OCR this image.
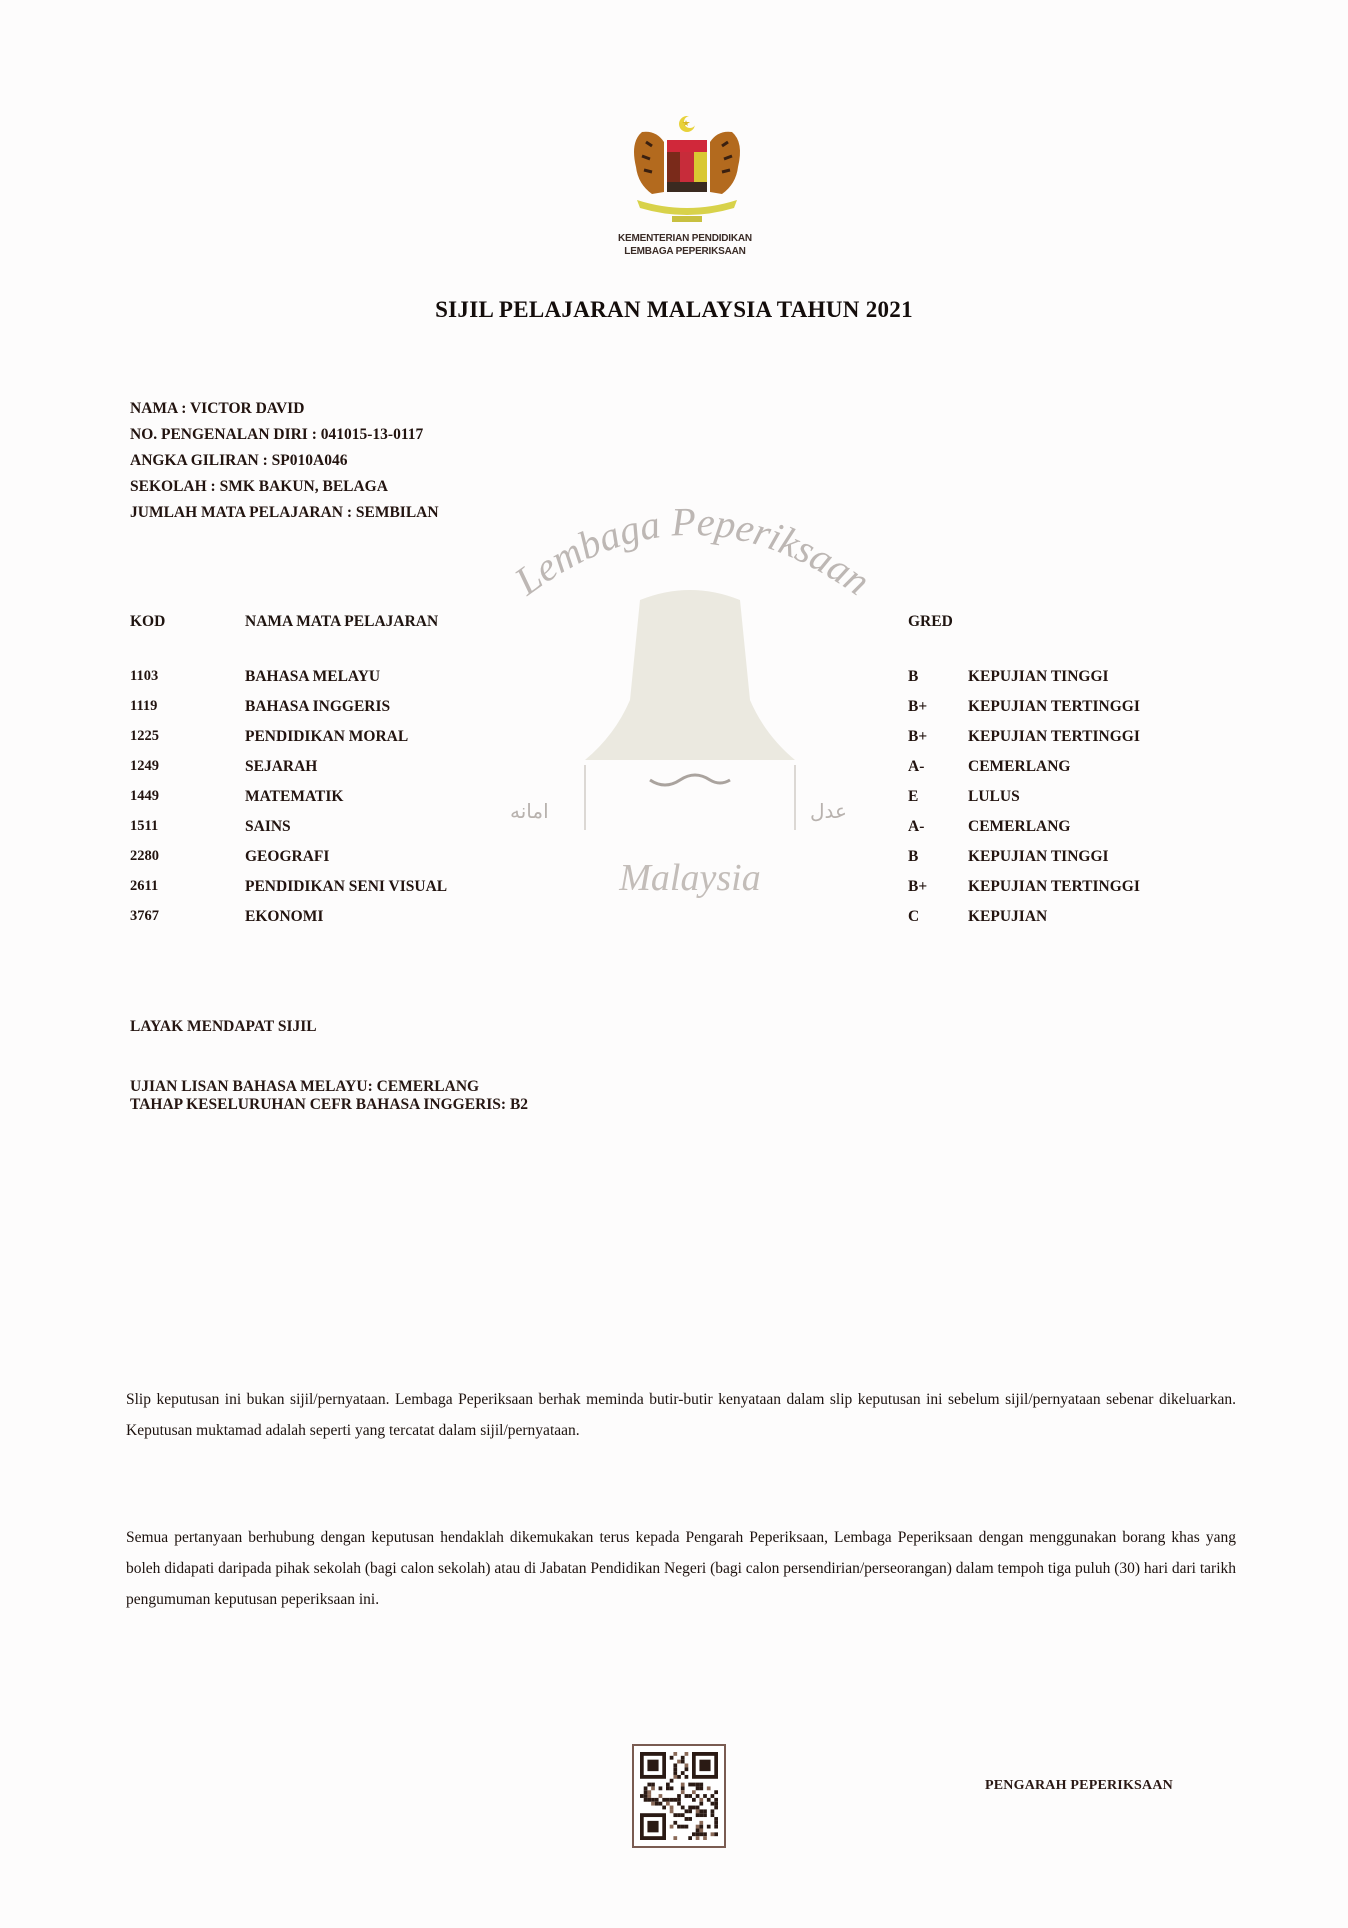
KEMENTERIAN PENDIDIKAN
LEMBAGA PEPERIKSAAN
SIJIL PELAJARAN MALAYSIA TAHUN 2021
NAMA : VICTOR DAVID
NO. PENGENALAN DIRI : 041015-13-0117
ANGKA GILIRAN : SP010A046
SEKOLAH : SMK BAKUN, BELAGA
JUMLAH MATA PELAJARAN : SEMBILAN
Lembaga Peperiksaan
امانه	عدل
Malaysia
KOD	NAMA MATA PELAJARAN	GRED
1103	BAHASA MELAYU	B	KEPUJIAN TINGGI
1119	BAHASA INGGERIS	B+	KEPUJIAN TERTINGGI
1225	PENDIDIKAN MORAL	B+	KEPUJIAN TERTINGGI
1249	SEJARAH	A-	CEMERLANG
1449	MATEMATIK	E	LULUS
1511	SAINS	A-	CEMERLANG
2280	GEOGRAFI	B	KEPUJIAN TINGGI
2611	PENDIDIKAN SENI VISUAL	B+	KEPUJIAN TERTINGGI
3767	EKONOMI	C	KEPUJIAN
LAYAK MENDAPAT SIJIL
UJIAN LISAN BAHASA MELAYU: CEMERLANG
TAHAP KESELURUHAN CEFR BAHASA INGGERIS: B2
Slip keputusan ini bukan sijil/pernyataan. Lembaga Peperiksaan berhak meminda butir-butir kenyataan dalam slip keputusan ini sebelum sijil/pernyataan sebenar dikeluarkan. Keputusan muktamad adalah seperti yang tercatat dalam sijil/pernyataan.
Semua pertanyaan berhubung dengan keputusan hendaklah dikemukakan terus kepada Pengarah Peperiksaan, Lembaga Peperiksaan dengan menggunakan borang khas yang boleh didapati daripada pihak sekolah (bagi calon sekolah) atau di Jabatan Pendidikan Negeri (bagi calon persendirian/perseorangan) dalam tempoh tiga puluh (30) hari dari tarikh pengumuman keputusan peperiksaan ini.
PENGARAH PEPERIKSAAN
